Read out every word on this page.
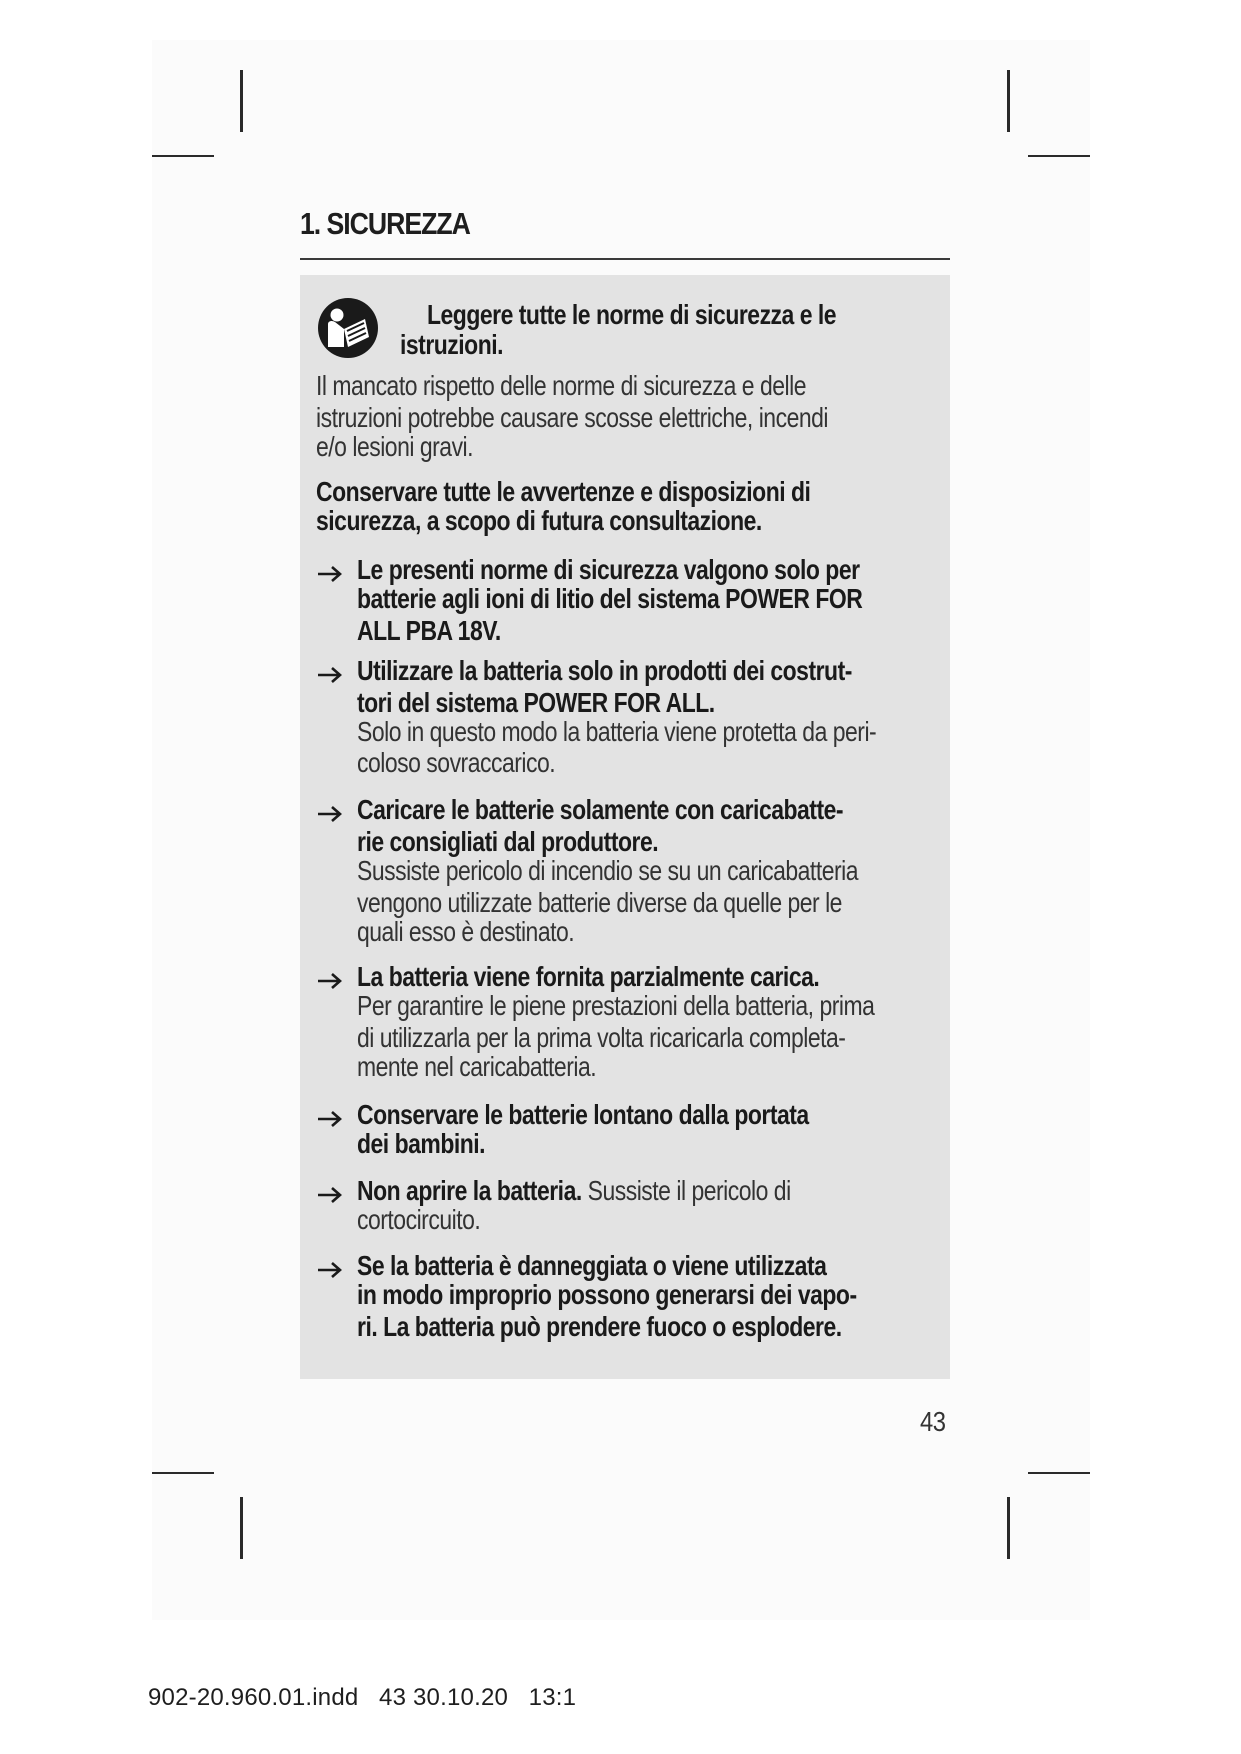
1. SICUREZZA
Leggere tutte le norme di sicurezza e le
istruzioni.
Il mancato rispetto delle norme di sicurezza e delle
istruzioni potrebbe causare scosse elettriche, incendi
e/o lesioni gravi.
Conservare tutte le avvertenze e disposizioni di
sicurezza, a scopo di futura consultazione.
Le presenti norme di sicurezza valgono solo per
batterie agli ioni di litio del sistema POWER FOR
ALL PBA 18V.
Utilizzare la batteria solo in prodotti dei costrut-
tori del sistema POWER FOR ALL.
Solo in questo modo la batteria viene protetta da peri-
coloso sovraccarico.
Caricare le batterie solamente con caricabatte-
rie consigliati dal produttore.
Sussiste pericolo di incendio se su un caricabatteria
vengono utilizzate batterie diverse da quelle per le
quali esso è destinato.
La batteria viene fornita parzialmente carica.
Per garantire le piene prestazioni della batteria, prima
di utilizzarla per la prima volta ricaricarla completa-
mente nel caricabatteria.
Conservare le batterie lontano dalla portata
dei bambini.
Non aprire la batteria. Sussiste il pericolo di
cortocircuito.
Se la batteria è danneggiata o viene utilizzata
in modo improprio possono generarsi dei vapo-
ri. La batteria può prendere fuoco o esplodere.
43
902-20.960.01.indd   43 30.10.20   13:1
